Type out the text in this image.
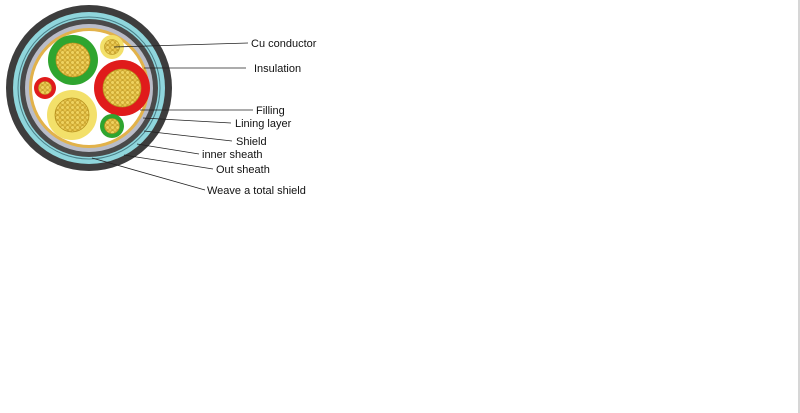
Cu conductor
Insulation
Filling
Lining layer
Shield
inner sheath
Out sheath
Weave a total shield
